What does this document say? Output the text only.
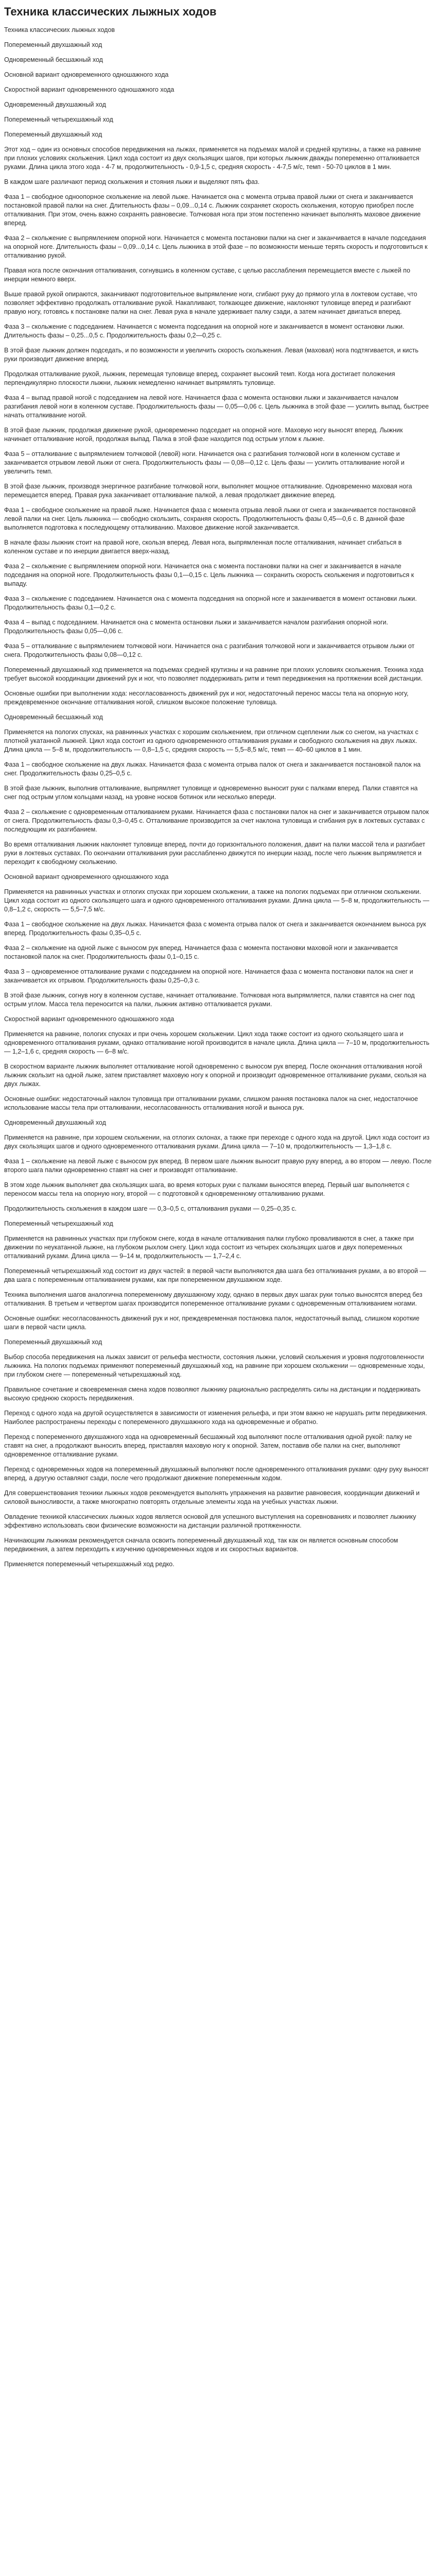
Техника классических лыжных ходов

Техника классических лыжных ходов

Попеременный двухшажный ход

Одновременный бесшажный ход

Основной вариант одновременного одношажного хода

Скоростной вариант одновременного одношажного хода

Одновременный двухшажный ход

Попеременный четырехшажный ход

Попеременный двухшажный ход

Этот ход – один из основных способов передвижения на лыжах, применяется на подъемах малой и средней крутизны, а также на равнине при плохих условиях скольжения. Цикл хода состоит из двух скользящих шагов, при которых лыжник дважды попеременно отталкивается руками. Длина цикла этого хода - 4-7 м, продолжительность - 0,9-1,5 с, средняя скорость - 4-7,5 м/с, темп - 50-70 циклов в 1 мин.

В каждом шаге различают период скольжения и стояния лыжи и выделяют пять фаз.

Фаза 1 – свободное одноопорное скольжение на левой лыже. Начинается она с момента отрыва правой лыжи от снега и заканчивается постановкой правой палки на снег. Длительность фазы – 0,09...0,14 с. Лыжник сохраняет скорость скольжения, которую приобрел после отталкивания. При этом, очень важно сохранять равновесие. Толчковая нога при этом постепенно начинает выполнять маховое движение вперед.

Фаза 2 – скольжение с выпрямлением опорной ноги. Начинается с момента постановки палки на снег и заканчивается в начале подседания на опорной ноге. Длительность фазы – 0,09...0,14 с. Цель лыжника в этой фазе – по возможности меньше терять скорость и подготовиться к отталкиванию рукой.

Правая нога после окончания отталкивания, согнувшись в коленном суставе, с целью расслабления перемещается вместе с лыжей по инерции немного вверх.

Выше правой рукой опираются, заканчивают подготовительное выпрямление ноги, сгибают руку до прямого угла в локтевом суставе, что позволяет эффективно продолжать отталкивание рукой. Накапливают, толкающее движение, наклоняют туловище вперед и разгибают правую ногу, готовясь к постановке палки на снег. Левая рука в начале удерживает палку сзади, а затем начинает двигаться вперед.

Фаза 3 – скольжение с подседанием. Начинается с момента подседания на опорной ноге и заканчивается в момент остановки лыжи. Длительность фазы – 0,25...0,5 с. Продолжительность фазы 0,2—0,25 с.

В этой фазе лыжник должен подседать, и по возможности и увеличить скорость скольжения. Левая (маховая) нога подтягивается, и кисть руки производит движение вперед.

Продолжая отталкивание рукой, лыжник, перемещая туловище вперед, сохраняет высокий темп. Когда нога достигает положения перпендикулярно плоскости лыжни, лыжник немедленно начинает выпрямлять туловище.

Фаза 4 – выпад правой ногой с подседанием на левой ноге. Начинается фаза с момента остановки лыжи и заканчивается началом разгибания левой ноги в коленном суставе. Продолжительность фазы — 0,05—0,06 с. Цель лыжника в этой фазе — усилить выпад, быстрее начать отталкивание ногой.

В этой фазе лыжник, продолжая движение рукой, одновременно подседает на опорной ноге. Маховую ногу выносят вперед. Лыжник начинает отталкивание ногой, продолжая выпад. Палка в этой фазе находится под острым углом к лыжне.

Фаза 5 – отталкивание с выпрямлением толчковой (левой) ноги. Начинается она с разгибания толчковой ноги в коленном суставе и заканчивается отрывом левой лыжи от снега. Продолжительность фазы — 0,08—0,12 с. Цель фазы — усилить отталкивание ногой и увеличить темп.

В этой фазе лыжник, производя энергичное разгибание толчковой ноги, выполняет мощное отталкивание. Одновременно маховая нога перемещается вперед. Правая рука заканчивает отталкивание палкой, а левая продолжает движение вперед.

Фаза 1 – свободное скольжение на правой лыже. Начинается фаза с момента отрыва левой лыжи от снега и заканчивается постановкой левой палки на снег. Цель лыжника — свободно скользить, сохраняя скорость. Продолжительность фазы 0,45—0,6 с. В данной фазе выполняется подготовка к последующему отталкиванию. Маховое движение ногой заканчивается.

В начале фазы лыжник стоит на правой ноге, скользя вперед. Левая нога, выпрямленная после отталкивания, начинает сгибаться в коленном суставе и по инерции двигается вверх-назад.

Фаза 2 – скольжение с выпрямлением опорной ноги. Начинается она с момента постановки палки на снег и заканчивается в начале подседания на опорной ноге. Продолжительность фазы 0,1—0,15 с. Цель лыжника — сохранить скорость скольжения и подготовиться к выпаду.

Фаза 3 – скольжение с подседанием. Начинается она с момента подседания на опорной ноге и заканчивается в момент остановки лыжи. Продолжительность фазы 0,1—0,2 с.

Фаза 4 – выпад с подседанием. Начинается она с момента остановки лыжи и заканчивается началом разгибания опорной ноги. Продолжительность фазы 0,05—0,06 с.

Фаза 5 – отталкивание с выпрямлением толчковой ноги. Начинается она с разгибания толчковой ноги и заканчивается отрывом лыжи от снега. Продолжительность фазы 0,08—0,12 с.

Попеременный двухшажный ход применяется на подъемах средней крутизны и на равнине при плохих условиях скольжения. Техника хода требует высокой координации движений рук и ног, что позволяет поддерживать ритм и темп передвижения на протяжении всей дистанции.

Основные ошибки при выполнении хода: несогласованность движений рук и ног, недостаточный перенос массы тела на опорную ногу, преждевременное окончание отталкивания ногой, слишком высокое положение туловища.

Одновременный бесшажный ход

Применяется на пологих спусках, на равнинных участках с хорошим скольжением, при отличном сцеплении лыж со снегом, на участках с плотной укатанной лыжней. Цикл хода состоит из одного одновременного отталкивания руками и свободного скольжения на двух лыжах. Длина цикла — 5–8 м, продолжительность — 0,8–1,5 с, средняя скорость — 5,5–8,5 м/с, темп — 40–60 циклов в 1 мин.

Фаза 1 – свободное скольжение на двух лыжах. Начинается фаза с момента отрыва палок от снега и заканчивается постановкой палок на снег. Продолжительность фазы 0,25–0,5 с.

В этой фазе лыжник, выполнив отталкивание, выпрямляет туловище и одновременно выносит руки с палками вперед. Палки ставятся на снег под острым углом кольцами назад, на уровне носков ботинок или несколько впереди.

Фаза 2 – скольжение с одновременным отталкиванием руками. Начинается фаза с постановки палок на снег и заканчивается отрывом палок от снега. Продолжительность фазы 0,3–0,45 с. Отталкивание производится за счет наклона туловища и сгибания рук в локтевых суставах с последующим их разгибанием.

Во время отталкивания лыжник наклоняет туловище вперед, почти до горизонтального положения, давит на палки массой тела и разгибает руки в локтевых суставах. По окончании отталкивания руки расслабленно движутся по инерции назад, после чего лыжник выпрямляется и переходит к свободному скольжению.

Основной вариант одновременного одношажного хода

Применяется на равнинных участках и отлогих спусках при хорошем скольжении, а также на пологих подъемах при отличном скольжении. Цикл хода состоит из одного скользящего шага и одного одновременного отталкивания руками. Длина цикла — 5–8 м, продолжительность — 0,8–1,2 с, скорость — 5,5–7,5 м/с.

Фаза 1 – свободное скольжение на двух лыжах. Начинается фаза с момента отрыва палок от снега и заканчивается окончанием выноса рук вперед. Продолжительность фазы 0,35–0,5 с.

Фаза 2 – скольжение на одной лыже с выносом рук вперед. Начинается фаза с момента постановки маховой ноги и заканчивается постановкой палок на снег. Продолжительность фазы 0,1–0,15 с.

Фаза 3 – одновременное отталкивание руками с подседанием на опорной ноге. Начинается фаза с момента постановки палок на снег и заканчивается их отрывом. Продолжительность фазы 0,25–0,3 с.

В этой фазе лыжник, согнув ногу в коленном суставе, начинает отталкивание. Толчковая нога выпрямляется, палки ставятся на снег под острым углом. Масса тела переносится на палки, лыжник активно отталкивается руками.

Скоростной вариант одновременного одношажного хода

Применяется на равнине, пологих спусках и при очень хорошем скольжении. Цикл хода также состоит из одного скользящего шага и одновременного отталкивания руками, однако отталкивание ногой производится в начале цикла. Длина цикла — 7–10 м, продолжительность — 1,2–1,6 с, средняя скорость — 6–8 м/с.

В скоростном варианте лыжник выполняет отталкивание ногой одновременно с выносом рук вперед. После окончания отталкивания ногой лыжник скользит на одной лыже, затем приставляет маховую ногу к опорной и производит одновременное отталкивание руками, скользя на двух лыжах.

Основные ошибки: недостаточный наклон туловища при отталкивании руками, слишком ранняя постановка палок на снег, недостаточное использование массы тела при отталкивании, несогласованность отталкивания ногой и выноса рук.

Одновременный двухшажный ход

Применяется на равнине, при хорошем скольжении, на отлогих склонах, а также при переходе с одного хода на другой. Цикл хода состоит из двух скользящих шагов и одного одновременного отталкивания руками. Длина цикла — 7–10 м, продолжительность — 1,3–1,8 с.

Фаза 1 – скольжение на левой лыже с выносом рук вперед. В первом шаге лыжник выносит правую руку вперед, а во втором — левую. После второго шага палки одновременно ставят на снег и производят отталкивание.

В этом ходе лыжник выполняет два скользящих шага, во время которых руки с палками выносятся вперед. Первый шаг выполняется с переносом массы тела на опорную ногу, второй — с подготовкой к одновременному отталкиванию руками.

Продолжительность скольжения в каждом шаге — 0,3–0,5 с, отталкивания руками — 0,25–0,35 с.

Попеременный четырехшажный ход

Применяется на равнинных участках при глубоком снеге, когда в начале отталкивания палки глубоко проваливаются в снег, а также при движении по неукатанной лыжне, на глубоком рыхлом снегу. Цикл хода состоит из четырех скользящих шагов и двух попеременных отталкиваний руками. Длина цикла — 9–14 м, продолжительность — 1,7–2,4 с.

Попеременный четырехшажный ход состоит из двух частей: в первой части выполняются два шага без отталкивания руками, а во второй — два шага с попеременным отталкиванием руками, как при попеременном двухшажном ходе.

Техника выполнения шагов аналогична попеременному двухшажному ходу, однако в первых двух шагах руки только выносятся вперед без отталкивания. В третьем и четвертом шагах производится попеременное отталкивание руками с одновременным отталкиванием ногами.

Основные ошибки: несогласованность движений рук и ног, преждевременная постановка палок, недостаточный выпад, слишком короткие шаги в первой части цикла.

Попеременный двухшажный ход

Выбор способа передвижения на лыжах зависит от рельефа местности, состояния лыжни, условий скольжения и уровня подготовленности лыжника. На пологих подъемах применяют попеременный двухшажный ход, на равнине при хорошем скольжении — одновременные ходы, при глубоком снеге — попеременный четырехшажный ход.

Правильное сочетание и своевременная смена ходов позволяют лыжнику рационально распределять силы на дистанции и поддерживать высокую среднюю скорость передвижения.

Переход с одного хода на другой осуществляется в зависимости от изменения рельефа, и при этом важно не нарушать ритм передвижения. Наиболее распространены переходы с попеременного двухшажного хода на одновременные и обратно.

Переход с попеременного двухшажного хода на одновременный бесшажный ход выполняют после отталкивания одной рукой: палку не ставят на снег, а продолжают выносить вперед, приставляя маховую ногу к опорной. Затем, поставив обе палки на снег, выполняют одновременное отталкивание руками.

Переход с одновременных ходов на попеременный двухшажный выполняют после одновременного отталкивания руками: одну руку выносят вперед, а другую оставляют сзади, после чего продолжают движение попеременным ходом.

Для совершенствования техники лыжных ходов рекомендуется выполнять упражнения на развитие равновесия, координации движений и силовой выносливости, а также многократно повторять отдельные элементы хода на учебных участках лыжни.

Овладение техникой классических лыжных ходов является основой для успешного выступления на соревнованиях и позволяет лыжнику эффективно использовать свои физические возможности на дистанции различной протяженности.

Начинающим лыжникам рекомендуется сначала освоить попеременный двухшажный ход, так как он является основным способом передвижения, а затем переходить к изучению одновременных ходов и их скоростных вариантов.

Применяется попеременный четырехшажный ход редко.
